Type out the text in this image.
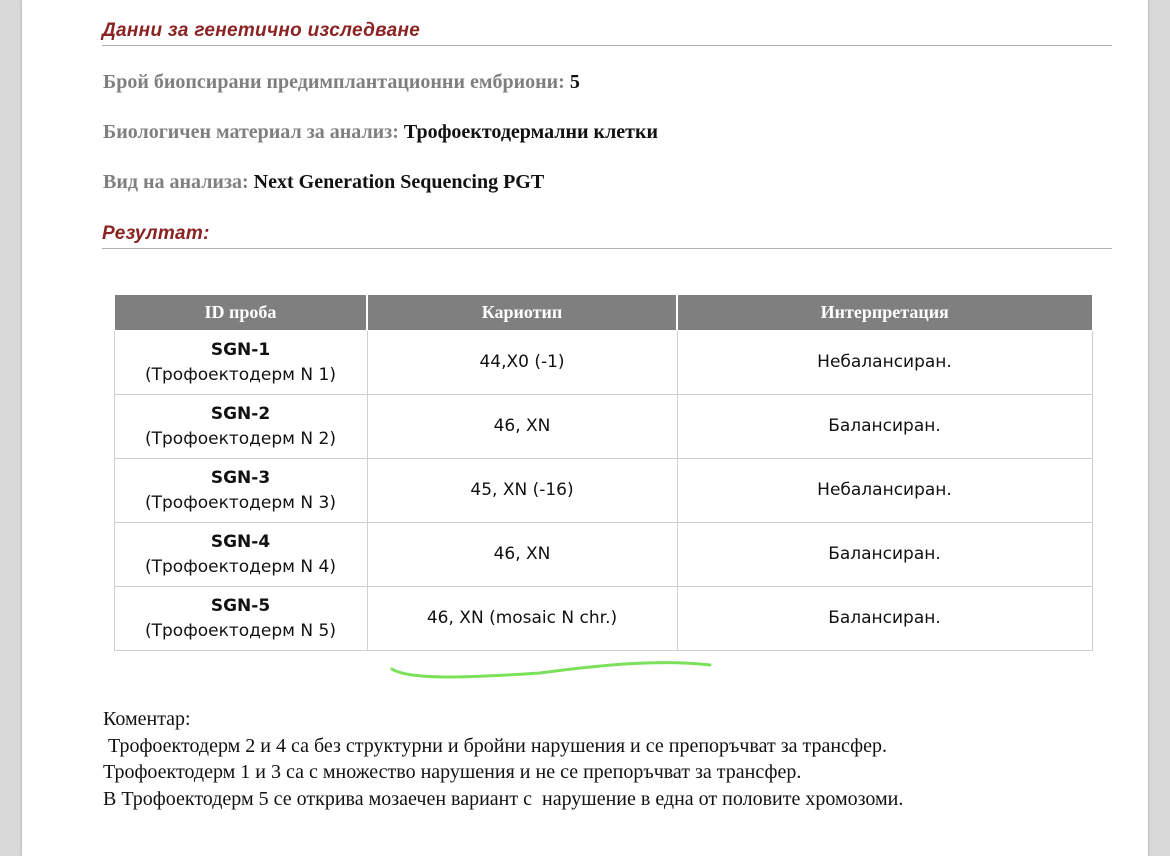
Данни за генетично изследване
Брой биопсирани предимплантационни ембриони: 5
Биологичен материал за анализ: Трофоектодермални клетки
Вид на анализа: Next Generation Sequencing PGT
Резултат:
ID проба	Кариотип	Интерпретация

SGN-1
(Трофоектодерм N 1)	44,X0 (-1)	Небалансиран.

SGN-2
(Трофоектодерм N 2)	46, XN	Балансиран.

SGN-3
(Трофоектодерм N 3)	45, XN (-16)	Небалансиран.

SGN-4
(Трофоектодерм N 4)	46, XN	Балансиран.

SGN-5
(Трофоектодерм N 5)	46, XN (mosaic N chr.)	Балансиран.
Коментар:
Трофоектодерм 2 и 4 са без структурни и бройни нарушения и се препоръчват за трансфер.
Трофоектодерм 1 и 3 са с множество нарушения и не се препоръчват за трансфер.
В Трофоектодерм 5 се открива мозаечен вариант с  нарушение в една от половите хромозоми.
